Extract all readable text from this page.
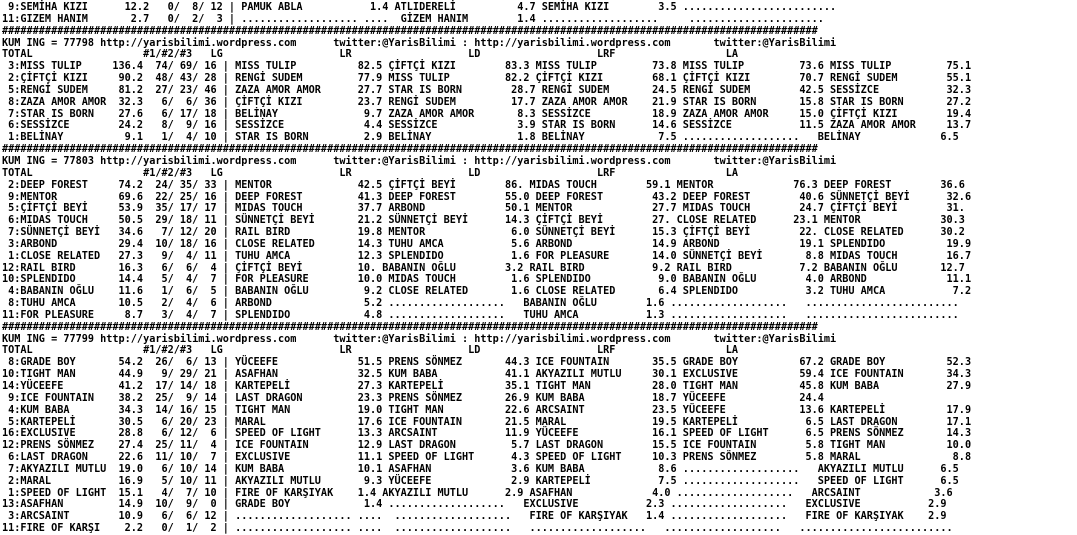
9:SEMİHA KIZI      12.2   0/  8/ 12 | PAMUK ABLA           1.4 ATLIDERELİ          4.7 SEMİHA KIZI        3.5 .........................
11:GIZEM HANIM       2.7   0/  2/  3 | ................... ....  GİZEM HANIM        1.4 ...................     ......................
#####################################################################################################################################
KUM ING = 77798 http://yarisbilimi.wordpress.com      twitter:@YarisBilimi : http://yarisbilimi.wordpress.com       twitter:@YarisBilimi
TOTAL                  #1/#2/#3   LG                   LR                   LD                   LRF                  LA
3:MISS TULIP     136.4  74/ 69/ 16 | MISS TULIP          82.5 ÇİFTÇİ KIZI        83.3 MISS TULIP         73.8 MISS TULIP         73.6 MISS TULIP         75.1
2:ÇİFTÇİ KIZI     90.2  48/ 43/ 28 | RENGİ SUDEM         77.9 MISS TULIP         82.2 ÇİFTÇİ KIZI        68.1 ÇİFTÇİ KIZI        70.7 RENGİ SUDEM        55.1
5:RENGİ SUDEM     81.2  27/ 23/ 46 | ZAZA AMOR AMOR      27.7 STAR IS BORN        28.7 RENGİ SUDEM       24.5 RENGİ SUDEM        42.5 SESSİZCE           32.3
8:ZAZA AMOR AMOR  32.3   6/  6/ 36 | ÇİFTÇİ KIZI         23.7 RENGİ SUDEM         17.7 ZAZA AMOR AMOR    21.9 STAR IS BORN       15.8 STAR IS BORN       27.2
7:STAR IS BORN    27.6   6/ 17/ 18 | BELİNAY              9.7 ZAZA AMOR AMOR       8.3 SESSİZCE          18.9 ZAZA AMOR AMOR     15.0 ÇİFTÇİ KIZI        19.4
6:SESSİZCE        24.2   8/  9/ 16 | SESSİZCE             4.4 SESSİZCE             3.9 STAR IS BORN      14.6 SESSİZCE           11.5 ZAZA AMOR AMOR     13.7
1:BELİNAY          9.1   1/  4/ 10 | STAR IS BORN         2.9 BELİNAY              1.8 BELİNAY            7.5 ...................   BELİNAY             6.5
#####################################################################################################################################
KUM ING = 77803 http://yarisbilimi.wordpress.com      twitter:@YarisBilimi : http://yarisbilimi.wordpress.com       twitter:@YarisBilimi
TOTAL                  #1/#2/#3   LG                   LR                   LD                   LRF                  LA
2:DEEP FOREST     74.2  24/ 35/ 33 | MENTOR              42.5 ÇİFTÇİ BEYİ        86. MIDAS TOUCH        59.1 MENTOR             76.3 DEEP FOREST        36.6
9:MENTOR          69.6  22/ 25/ 16 | DEEP FOREST         41.3 DEEP FOREST        55.0 DEEP FOREST        43.2 DEEP FOREST        40.6 SÜNNETÇİ BEYİ      32.6
5:ÇİFTÇİ BEYİ     53.9  35/ 17/ 17 | MIDAS TOUCH         37.7 ARBOND             50.1 MENTOR             27.7 MIDAS TOUCH        24.7 ÇİFTÇİ BEYİ        31.
6:MIDAS TOUCH     50.5  29/ 18/ 11 | SÜNNETÇİ BEYİ       21.2 SÜNNETÇİ BEYİ      14.3 ÇİFTÇİ BEYİ        27. CLOSE RELATED      23.1 MENTOR             30.3
7:SÜNNETÇİ BEYİ   34.6   7/ 12/ 20 | RAIL BIRD           19.8 MENTOR              6.0 SÜNNETÇİ BEYİ      15.3 ÇİFTÇİ BEYİ        22. CLOSE RELATED      30.2
3:ARBOND          29.4  10/ 18/ 16 | CLOSE RELATED       14.3 TUHU AMCA           5.6 ARBOND             14.9 ARBOND             19.1 SPLENDIDO          19.9
1:CLOSE RELATED   27.3   9/  4/ 11 | TUHU AMCA           12.3 SPLENDIDO           1.6 FOR PLEASURE       14.0 SÜNNETÇİ BEYİ       8.8 MIDAS TOUCH        16.7
12:RAIL BIRD       16.3   6/  6/  4 | ÇİFTÇİ BEYİ         10. BABANIN OĞLU        3.2 RAIL BIRD           9.2 RAIL BIRD           7.2 BABANIN OĞLU       12.7
10:SPLENDIDO       14.4   5/  4/  7 | FOR PLEASURE        10.0 MIDAS TOUCH         1.6 SPLENDIDO           9.0 BABANIN OĞLU        4.0 ARBOND             11.1
4:BABANIN OĞLU    11.6   1/  6/  5 | BABANIN OĞLU         9.2 CLOSE RELATED       1.6 CLOSE RELATED       6.4 SPLENDIDO           3.2 TUHU AMCA           7.2
8:TUHU AMCA       10.5   2/  4/  6 | ARBOND               5.2 ...................   BABANIN OĞLU        1.6 ...................   .........................
11:FOR PLEASURE     8.7   3/  4/  7 | SPLENDIDO            4.8 ...................   TUHU AMCA           1.3 ...................   .........................
#####################################################################################################################################
KUM ING = 77799 http://yarisbilimi.wordpress.com      twitter:@YarisBilimi : http://yarisbilimi.wordpress.com       twitter:@YarisBilimi
TOTAL                  #1/#2/#3   LG                   LR                   LD                   LRF                  LA
8:GRADE BOY       54.2  26/  6/ 13 | YÜCEEFE             51.5 PRENS SÖNMEZ       44.3 ICE FOUNTAIN       35.5 GRADE BOY          67.2 GRADE BOY          52.3
10:TIGHT MAN       44.9   9/ 29/ 21 | ASAFHAN             32.5 KUM BABA           41.1 AKYAZILI MUTLU     30.1 EXCLUSIVE          59.4 ICE FOUNTAIN       34.3
14:YÜCEEFE         41.2  17/ 14/ 18 | KARTEPELİ           27.3 KARTEPELİ          35.1 TIGHT MAN          28.0 TIGHT MAN          45.8 KUM BABA           27.9
9:ICE FOUNTAIN    38.2  25/  9/ 14 | LAST DRAGON         23.3 PRENS SÖNMEZ       26.9 KUM BABA           18.7 YÜCEEFE            24.4
4:KUM BABA        34.3  14/ 16/ 15 | TIGHT MAN           19.0 TIGHT MAN          22.6 ARCSAINT           23.5 YÜCEEFE            13.6 KARTEPELİ          17.9
5:KARTEPELİ       30.5   6/ 20/ 23 | MARAL               17.6 ICE FOUNTAIN       21.5 MARAL              19.5 KARTEPELİ           6.5 LAST DRAGON        17.1
16:EXCLUSIVE       28.8   6/ 12/  6 | SPEED OF LIGHT      13.3 ARCSAINT           11.9 YÜCEEFE            16.1 SPEED OF LIGHT      6.5 PRENS SÖNMEZ       14.3
12:PRENS SÖNMEZ    27.4  25/ 11/  4 | ICE FOUNTAIN        12.9 LAST DRAGON         5.7 LAST DRAGON        15.5 ICE FOUNTAIN        5.8 TIGHT MAN          10.0
6:LAST DRAGON     22.6  11/ 10/  7 | EXCLUSIVE           11.1 SPEED OF LIGHT      4.3 SPEED OF LIGHT     10.3 PRENS SÖNMEZ        5.8 MARAL               8.8
7:AKYAZILI MUTLU  19.0   6/ 10/ 14 | KUM BABA            10.1 ASAFHAN             3.6 KUM BABA            8.6 ...................   AKYAZILI MUTLU      6.5
2:MARAL           16.9   5/ 10/ 11 | AKYAZILI MUTLU       9.3 YÜCEEFE             2.9 KARTEPELİ           7.5 ...................   SPEED OF LIGHT      6.5
1:SPEED OF LIGHT  15.1   4/  7/ 10 | FIRE OF KARŞIYAK    1.4 AKYAZILI MUTLU      2.9 ASAFHAN             4.0 ...................   ARCSAINT            3.6
13:ASAFHAN         14.9  10/  9/  0 | GRADE BOY            1.4 ...................   EXCLUSIVE           2.3 ...................   EXCLUSIVE           2.9
3:ARCSAINT        10.9   6/  6/ 12 | ................... ....  ...................   FIRE OF KARŞIYAK   1.4 ...................   FIRE OF KARŞIYAK    2.9
11:FIRE OF KARŞI    2.2   0/  1/  2 | ................... ....  ...................   ...................   ...................   .........................
